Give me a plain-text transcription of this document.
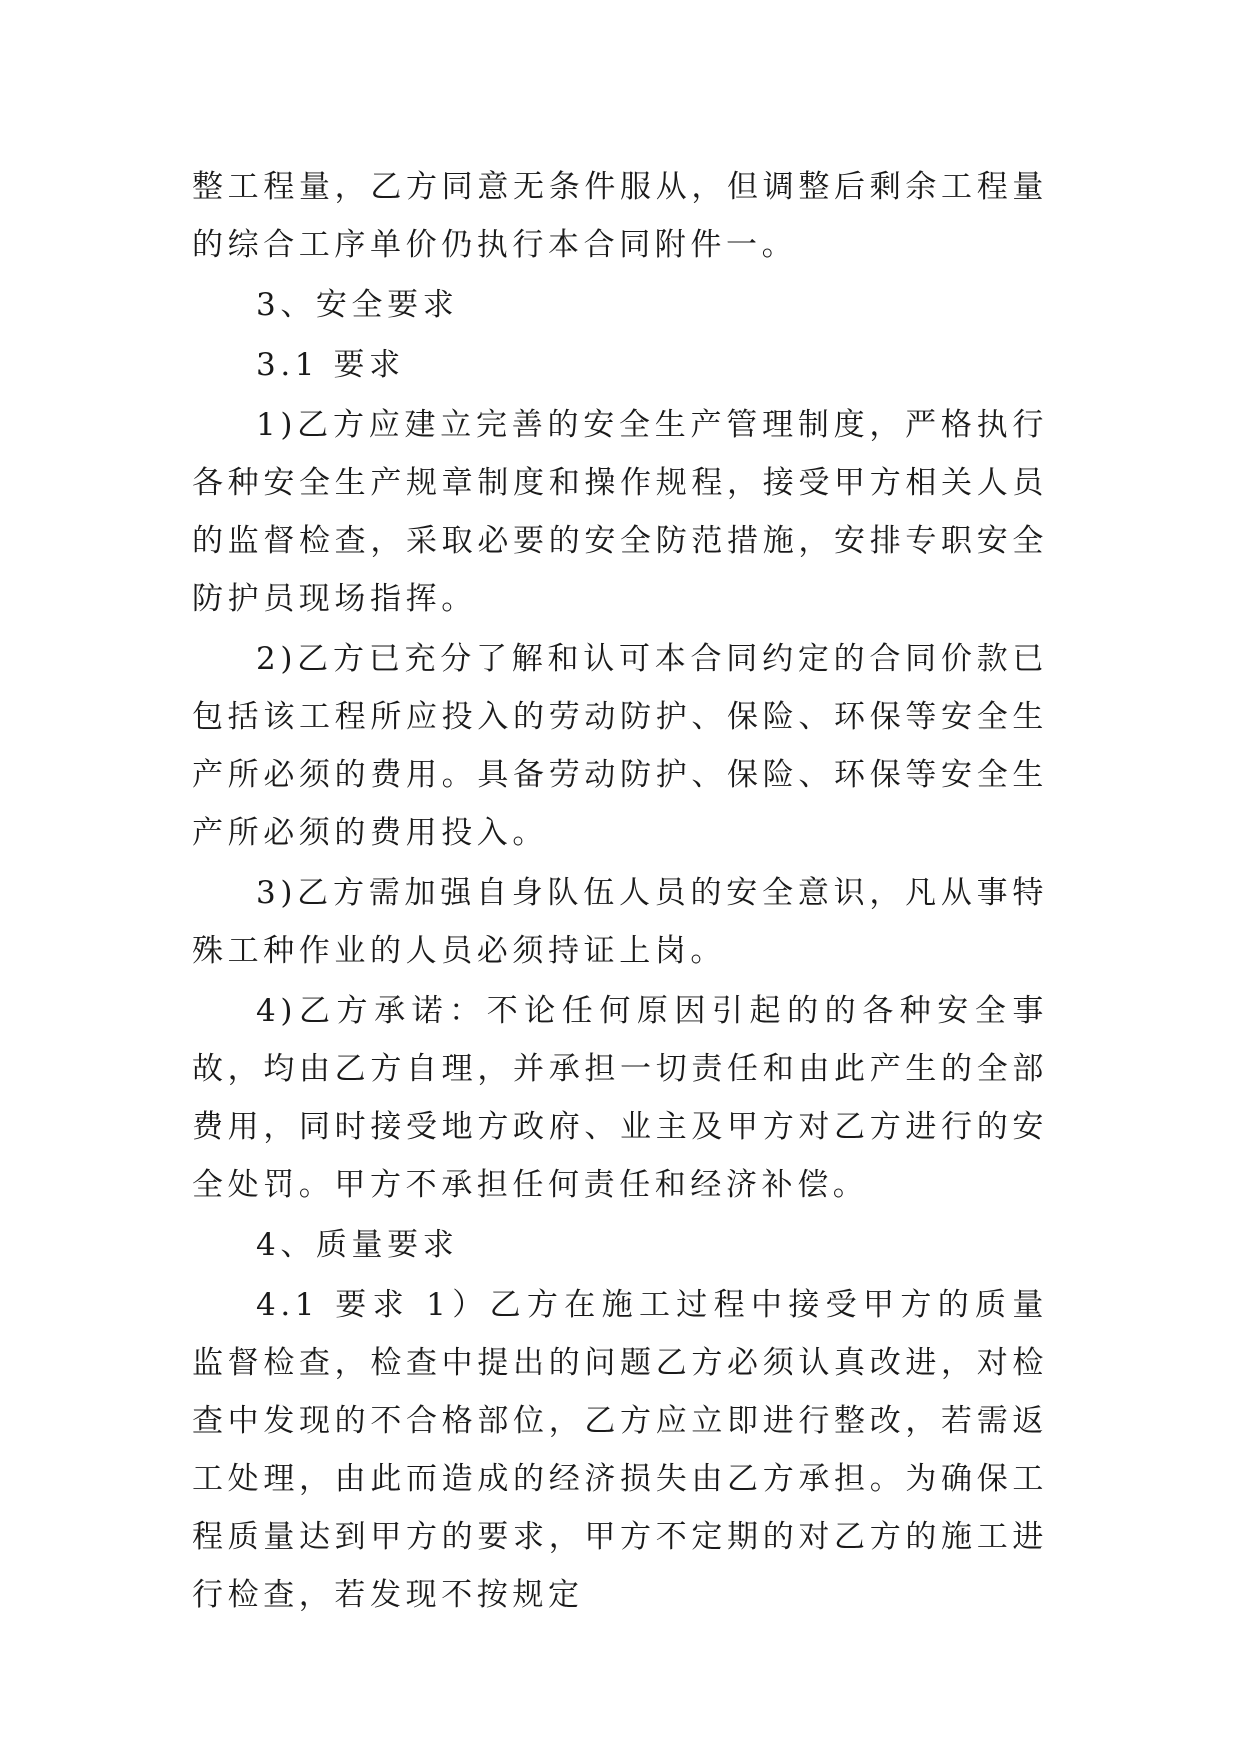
整工程量，乙方同意无条件服从，但调整后剩余工程量的综合工序单价仍执行本合同附件一。

3、安全要求

3.1 要求

1)乙方应建立完善的安全生产管理制度，严格执行各种安全生产规章制度和操作规程，接受甲方相关人员的监督检查，采取必要的安全防范措施，安排专职安全防护员现场指挥。

2)乙方已充分了解和认可本合同约定的合同价款已包括该工程所应投入的劳动防护、保险、环保等安全生产所必须的费用。具备劳动防护、保险、环保等安全生产所必须的费用投入。

3)乙方需加强自身队伍人员的安全意识，凡从事特殊工种作业的人员必须持证上岗。

4)乙方承诺：不论任何原因引起的的各种安全事故，均由乙方自理，并承担一切责任和由此产生的全部费用，同时接受地方政府、业主及甲方对乙方进行的安全处罚。甲方不承担任何责任和经济补偿。

4、质量要求

4.1 要求 1）乙方在施工过程中接受甲方的质量监督检查，检查中提出的问题乙方必须认真改进，对检查中发现的不合格部位，乙方应立即进行整改，若需返工处理，由此而造成的经济损失由乙方承担。为确保工程质量达到甲方的要求，甲方不定期的对乙方的施工进行检查，若发现不按规定
